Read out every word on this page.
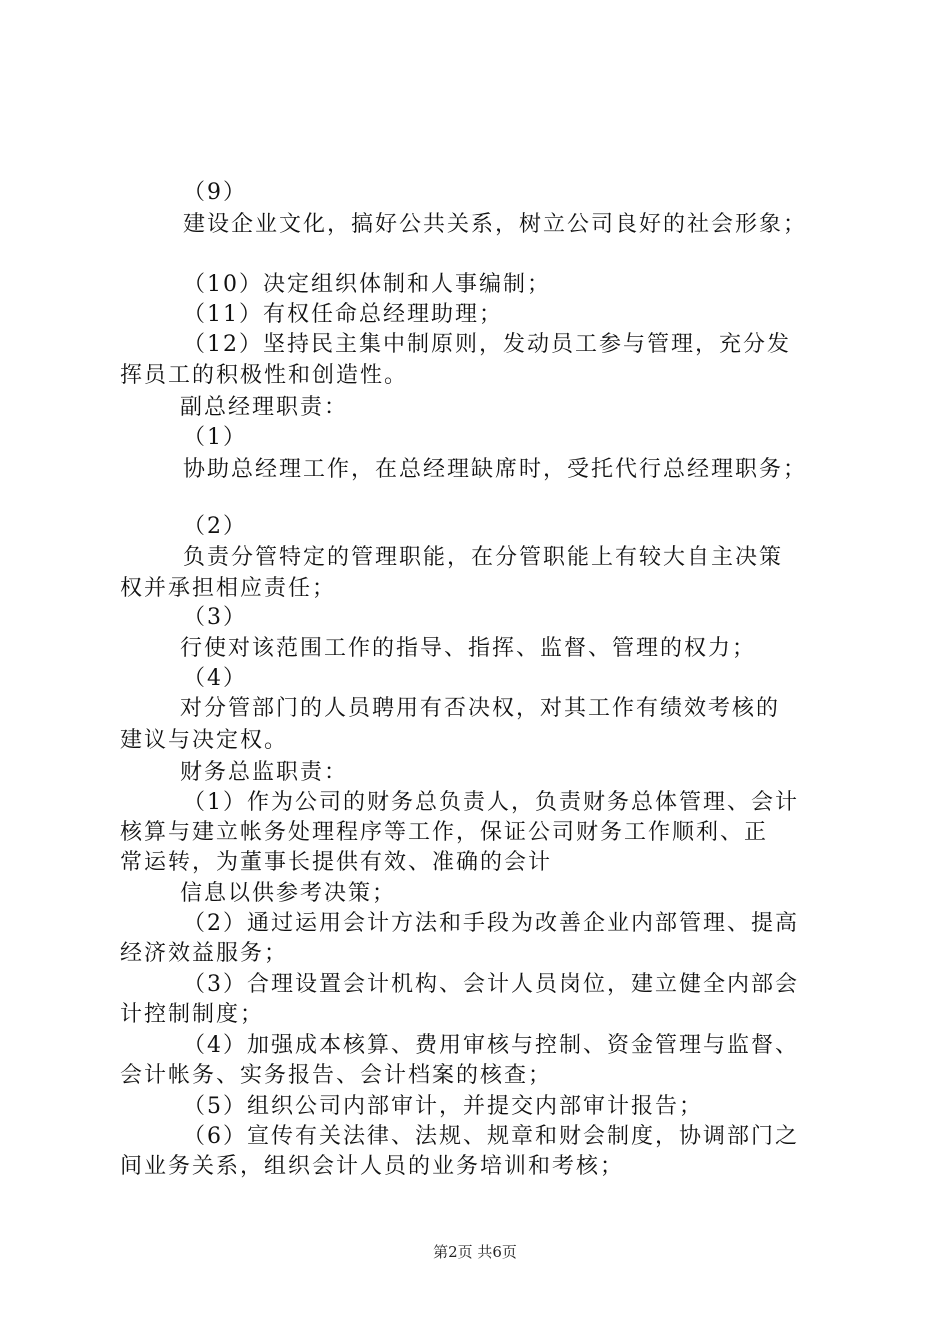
（9）
建设企业文化，搞好公共关系，树立公司良好的社会形象；
（10）决定组织体制和人事编制；
（11）有权任命总经理助理；
（12）坚持民主集中制原则，发动员工参与管理，充分发
挥员工的积极性和创造性。
副总经理职责：
（1）
协助总经理工作，在总经理缺席时，受托代行总经理职务；
（2）
负责分管特定的管理职能，在分管职能上有较大自主决策
权并承担相应责任；
（3）
行使对该范围工作的指导、指挥、监督、管理的权力；
（4）
对分管部门的人员聘用有否决权，对其工作有绩效考核的
建议与决定权。
财务总监职责：
（1）作为公司的财务总负责人，负责财务总体管理、会计
核算与建立帐务处理程序等工作，保证公司财务工作顺利、正
常运转，为董事长提供有效、准确的会计
信息以供参考决策；
（2）通过运用会计方法和手段为改善企业内部管理、提高
经济效益服务；
（3）合理设置会计机构、会计人员岗位，建立健全内部会
计控制制度；
（4）加强成本核算、费用审核与控制、资金管理与监督、
会计帐务、实务报告、会计档案的核查；
（5）组织公司内部审计，并提交内部审计报告；
（6）宣传有关法律、法规、规章和财会制度，协调部门之
间业务关系，组织会计人员的业务培训和考核；
第2页 共6页
